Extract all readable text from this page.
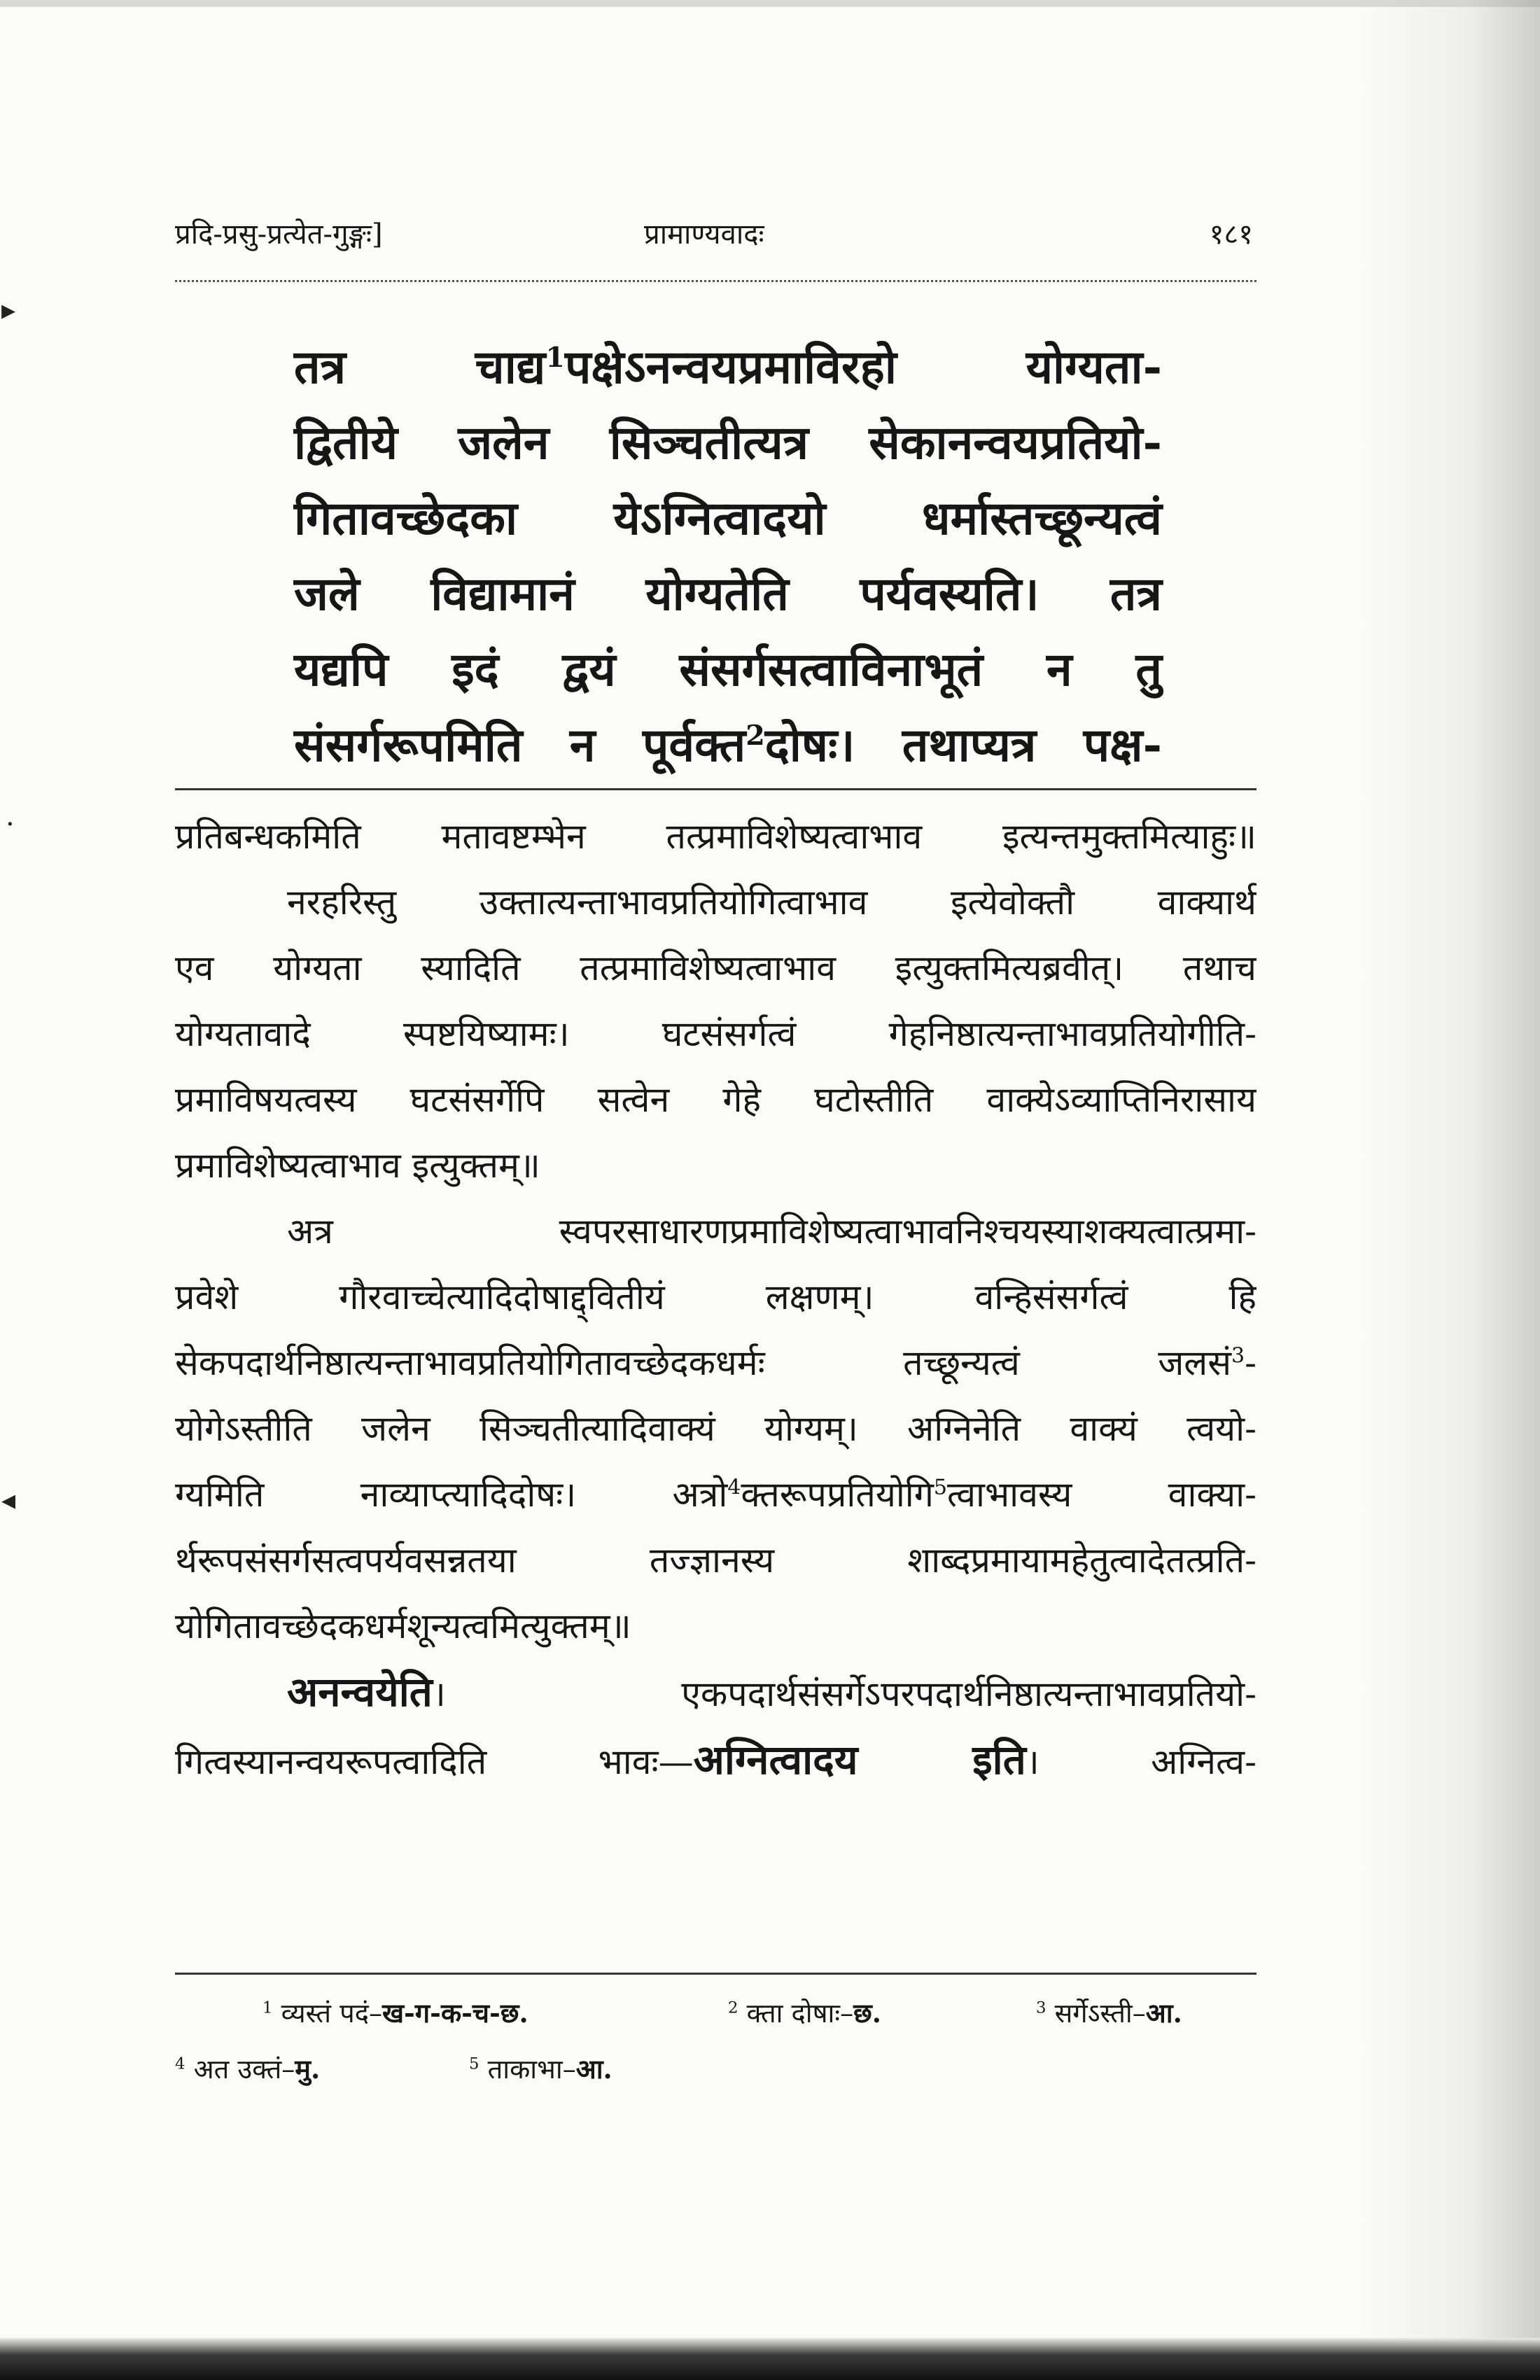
▸
·
◂
प्रदि-प्रसु-प्रत्येत-गुङ्गः]	प्रामाण्यवादः	१८१
तत्र चाद्य$^1$पक्षेऽनन्वयप्रमाविरहो योग्यता-
द्वितीये जलेन सिञ्चतीत्यत्र सेकानन्वयप्रतियो-
गितावच्छेदका येऽग्नित्वादयो धर्मास्तच्छून्यत्वं
जले विद्यामानं योग्यतेति पर्यवस्यति। तत्र
यद्यपि इदं द्वयं संसर्गसत्वाविनाभूतं न तु
संसर्गरूपमिति न पूर्वक्त$^2$दोषः। तथाप्यत्र पक्ष-
प्रतिबन्धकमिति मतावष्टम्भेन तत्प्रमाविशेष्यत्वाभाव इत्यन्तमुक्तमित्याहुः॥
नरहरिस्तु उक्तात्यन्ताभावप्रतियोगित्वाभाव इत्येवोक्तौ वाक्यार्थ
एव योग्यता स्यादिति तत्प्रमाविशेष्यत्वाभाव इत्युक्तमित्यब्रवीत्। तथाच
योग्यतावादे स्पष्टयिष्यामः। घटसंसर्गत्वं गेहनिष्ठात्यन्ताभावप्रतियोगीति-
प्रमाविषयत्वस्य घटसंसर्गेपि सत्वेन गेहे घटोस्तीति वाक्येऽव्याप्तिनिरासाय
प्रमाविशेष्यत्वाभाव इत्युक्तम्॥
अत्र स्वपरसाधारणप्रमाविशेष्यत्वाभावनिश्चयस्याशक्यत्वात्प्रमा-
प्रवेशे गौरवाच्चेत्यादिदोषाद्द्वितीयं लक्षणम्। वन्हिसंसर्गत्वं हि
सेकपदार्थनिष्ठात्यन्ताभावप्रतियोगितावच्छेदकधर्मः तच्छून्यत्वं जलसं$^3$-
योगेऽस्तीति जलेन सिञ्चतीत्यादिवाक्यं योग्यम्। अग्निनेति वाक्यं त्वयो-
ग्यमिति नाव्याप्त्यादिदोषः। अत्रो$^4$क्तरूपप्रतियोगि$^5$त्वाभावस्य वाक्या-
र्थरूपसंसर्गसत्वपर्यवसन्नतया तज्ज्ञानस्य शाब्दप्रमायामहेतुत्वादेतत्प्रति-
योगितावच्छेदकधर्मशून्यत्वमित्युक्तम्॥
अनन्वयेति। एकपदार्थसंसर्गेऽपरपदार्थनिष्ठात्यन्ताभावप्रतियो-
गित्वस्यानन्वयरूपत्वादिति भावः—अग्नित्वादय इति। अग्नित्व-
$^1$ व्यस्तं पदं–ख-ग-क-च-छ.	$^2$ क्ता दोषाः–छ.	$^3$ सर्गेऽस्ती–आ.
$^4$ अत उक्तं–मु.	$^5$ ताकाभा–आ.
